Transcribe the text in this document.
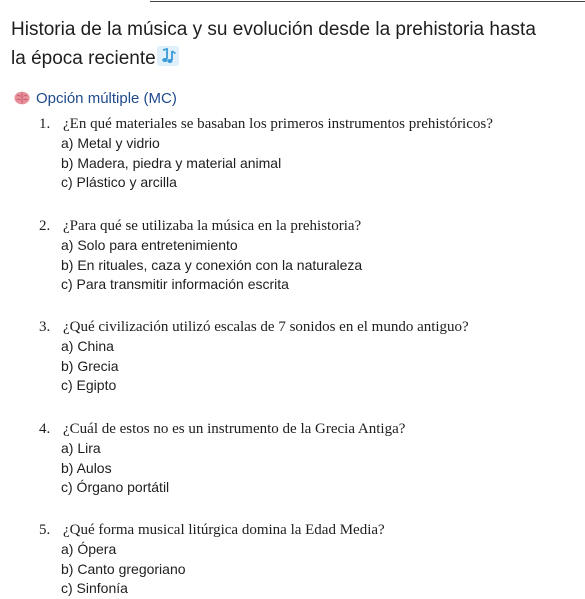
Historia de la música y su evolución desde la prehistoria hasta
la época reciente
Opción múltiple (MC)
1. ¿En qué materiales se basaban los primeros instrumentos prehistóricos?
a) Metal y vidrio
b) Madera, piedra y material animal
c) Plástico y arcilla
2. ¿Para qué se utilizaba la música en la prehistoria?
a) Solo para entretenimiento
b) En rituales, caza y conexión con la naturaleza
c) Para transmitir información escrita
3. ¿Qué civilización utilizó escalas de 7 sonidos en el mundo antiguo?
a) China
b) Grecia
c) Egipto
4. ¿Cuál de estos no es un instrumento de la Grecia Antiga?
a) Lira
b) Aulos
c) Órgano portátil
5. ¿Qué forma musical litúrgica domina la Edad Media?
a) Ópera
b) Canto gregoriano
c) Sinfonía
